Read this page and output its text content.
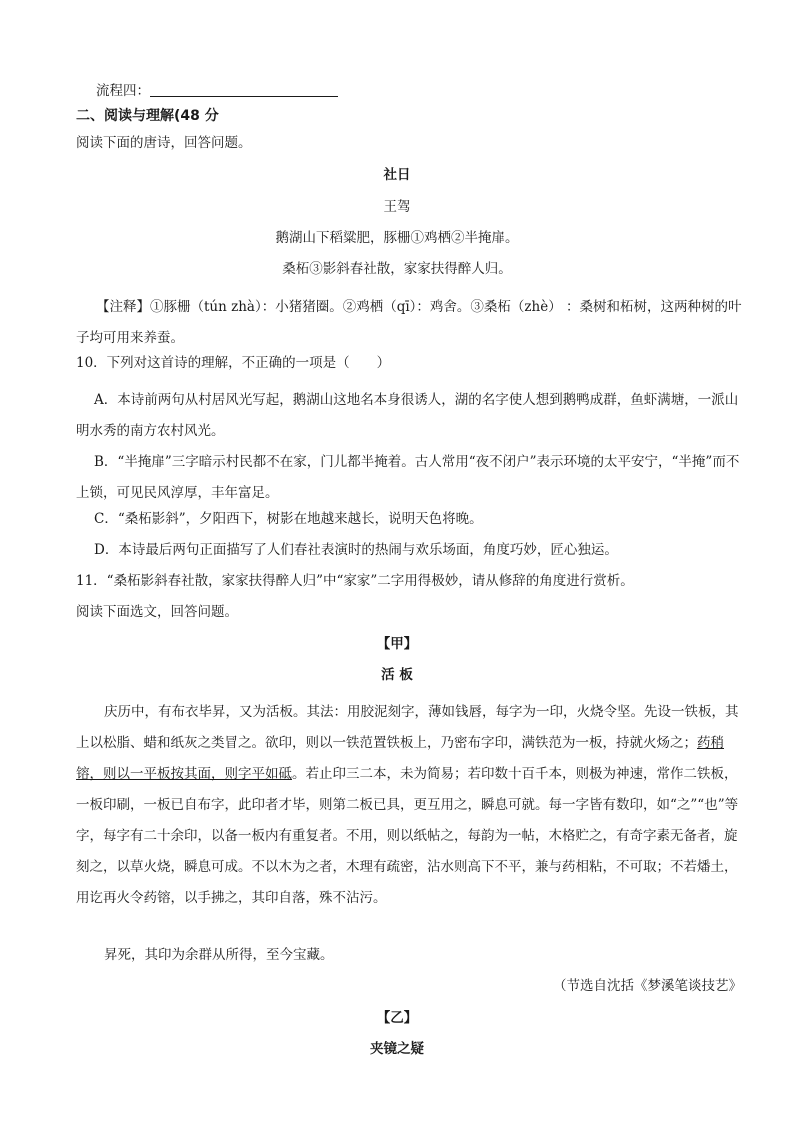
流程四：
二、阅读与理解(48 分
阅读下面的唐诗，回答问题。
社日
王驾
鹅湖山下稻粱肥，豚栅①鸡栖②半掩扉。
桑柘③影斜春社散，家家扶得醉人归。
【注释】①豚栅（tún zhà）：小猪猪圈。②鸡栖（qī）：鸡舍。③桑柘（zhè） ：桑树和柘树，这两种树的叶子均可用来养蚕。
10．下列对这首诗的理解，不正确的一项是（　　）
A．本诗前两句从村居风光写起，鹅湖山这地名本身很诱人，湖的名字使人想到鹅鸭成群，鱼虾满塘，一派山明水秀的南方农村风光。
B．“半掩扉”三字暗示村民都不在家，门儿都半掩着。古人常用“夜不闭户”表示环境的太平安宁，“半掩”而不上锁，可见民风淳厚，丰年富足。
C．“桑柘影斜”，夕阳西下，树影在地越来越长，说明天色将晚。
D．本诗最后两句正面描写了人们春社表演时的热闹与欢乐场面，角度巧妙，匠心独运。
11．“桑柘影斜春社散，家家扶得醉人归”中“家家”二字用得极妙，请从修辞的角度进行赏析。
阅读下面选文，回答问题。
【甲】
活 板
庆历中，有布衣毕昇，又为活板。其法：用胶泥刻字，薄如钱唇，每字为一印，火烧令坚。先设一铁板，其上以松脂、蜡和纸灰之类冒之。欲印，则以一铁范置铁板上，乃密布字印，满铁范为一板，持就火炀之；药稍镕，则以一平板按其面，则字平如砥。若止印三二本，未为简易；若印数十百千本，则极为神速，常作二铁板，一板印刷，一板已自布字，此印者才毕，则第二板已具，更互用之，瞬息可就。每一字皆有数印，如“之”“也”等字，每字有二十余印，以备一板内有重复者。不用，则以纸帖之，每韵为一帖，木格贮之，有奇字素无备者，旋刻之，以草火烧，瞬息可成。不以木为之者，木理有疏密，沾水则高下不平，兼与药相粘，不可取；不若燔土，用讫再火令药镕，以手拂之，其印自落，殊不沾污。
昇死，其印为余群从所得，至今宝藏。
（节选自沈括《梦溪笔谈技艺》
【乙】
夹镜之疑
